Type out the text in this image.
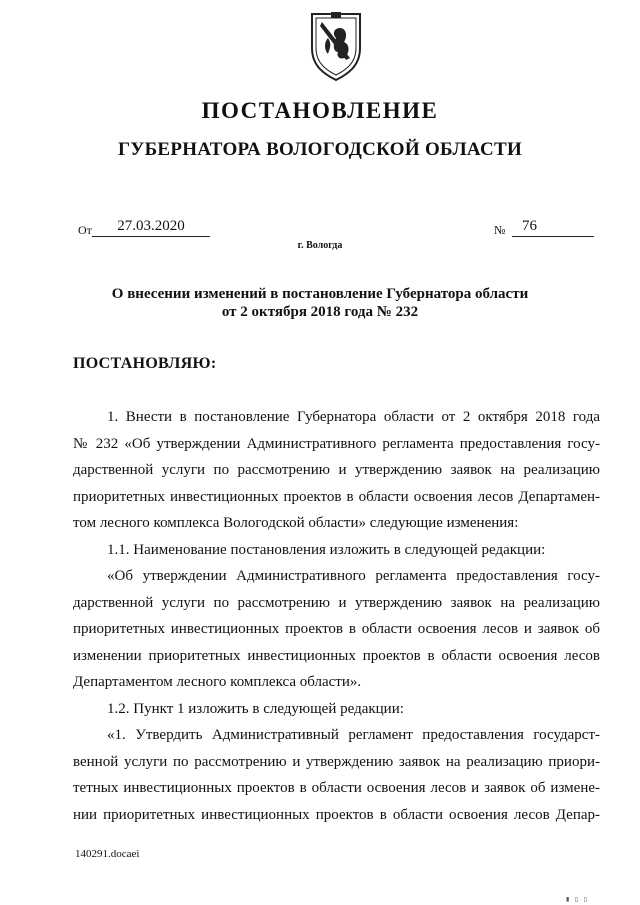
ПОСТАНОВЛЕНИЕ
ГУБЕРНАТОРА ВОЛОГОДСКОЙ ОБЛАСТИ
От	27.03.2020	№	76
г. Вологда
О внесении изменений в постановление Губернатора области
от 2 октября 2018 года № 232
ПОСТАНОВЛЯЮ:
1. Внести в постановление Губернатора области от 2 октября 2018 года
№ 232 «Об утверждении Административного регламента предоставления госу-
дарственной услуги по рассмотрению и утверждению заявок на реализацию
приоритетных инвестиционных проектов в области освоения лесов Департамен-
том лесного комплекса Вологодской области» следующие изменения:
1.1. Наименование постановления изложить в следующей редакции:
«Об утверждении Административного регламента предоставления госу-
дарственной услуги по рассмотрению и утверждению заявок на реализацию
приоритетных инвестиционных проектов в области освоения лесов и заявок об
изменении приоритетных инвестиционных проектов в области освоения лесов
Департаментом лесного комплекса области».
1.2. Пункт 1 изложить в следующей редакции:
«1. Утвердить Административный регламент предоставления государст-
венной услуги по рассмотрению и утверждению заявок на реализацию приори-
тетных инвестиционных проектов в области освоения лесов и заявок об измене-
нии приоритетных инвестиционных проектов в области освоения лесов Депар-
140291.docaei
▮ ▯ ▯
